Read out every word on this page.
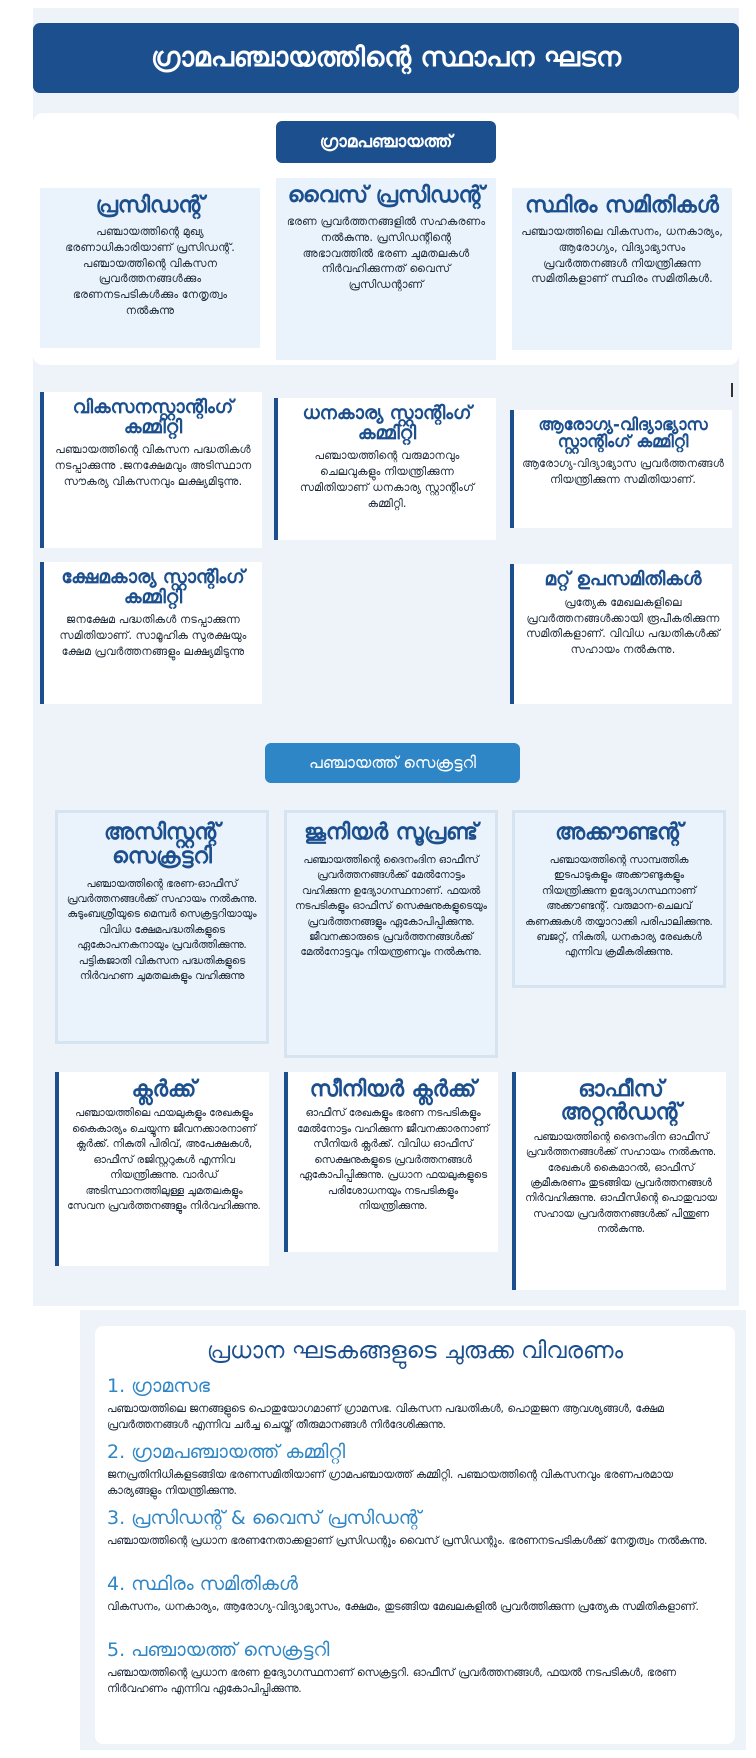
ഗ്രാമപഞ്ചായത്തിന്റെ സ്ഥാപന ഘടന
ഗ്രാമപഞ്ചായത്ത്
പ്രസിഡന്റ്

പഞ്ചായത്തിന്റെ മുഖ്യ ഭരണാധികാരിയാണ് പ്രസിഡന്റ്. പഞ്ചായത്തിന്റെ വികസന പ്രവർത്തനങ്ങൾക്കും ഭരണനടപടികൾക്കും നേതൃത്വം നൽകുന്നു

വൈസ് പ്രസിഡന്റ്

ഭരണ പ്രവർത്തനങ്ങളിൽ സഹകരണം നൽകുന്നു. പ്രസിഡന്റിന്റെ അഭാവത്തിൽ ഭരണ ചുമതലകൾ നിർവഹിക്കുന്നത് വൈസ് പ്രസിഡന്റാണ്

സ്ഥിരം സമിതികൾ

പഞ്ചായത്തിലെ വികസനം, ധനകാര്യം, ആരോഗ്യം, വിദ്യാഭ്യാസം പ്രവർത്തനങ്ങൾ നിയന്ത്രിക്കുന്ന സമിതികളാണ് സ്ഥിരം സമിതികൾ.

വികസനസ്റ്റാന്റിംഗ് കമ്മിറ്റി

പഞ്ചായത്തിന്റെ വികസന പദ്ധതികൾ നടപ്പാക്കുന്നു .ജനക്ഷേമവും അടിസ്ഥാന സൗകര്യ വികസനവും ലക്ഷ്യമിടുന്നു.

ധനകാര്യ സ്റ്റാന്റിംഗ് കമ്മിറ്റി

പഞ്ചായത്തിന്റെ വരുമാനവും ചെലവുകളും നിയന്ത്രിക്കുന്ന സമിതിയാണ് ധനകാര്യ സ്റ്റാന്റിംഗ് കമ്മിറ്റി.

ആരോഗ്യ-വിദ്യാഭ്യാസ സ്റ്റാന്റിംഗ് കമ്മിറ്റി

ആരോഗ്യ-വിദ്യാഭ്യാസ പ്രവർത്തനങ്ങൾ നിയന്ത്രിക്കുന്ന സമിതിയാണ്.

ക്ഷേമകാര്യ സ്റ്റാന്റിംഗ് കമ്മിറ്റി

ജനക്ഷേമ പദ്ധതികൾ നടപ്പാക്കുന്ന സമിതിയാണ്. സാമൂഹിക സുരക്ഷയും ക്ഷേമ പ്രവർത്തനങ്ങളും ലക്ഷ്യമിടുന്നു

മറ്റ് ഉപസമിതികൾ

പ്രത്യേക മേഖലകളിലെ പ്രവർത്തനങ്ങൾക്കായി രൂപീകരിക്കുന്ന സമിതികളാണ്. വിവിധ പദ്ധതികൾക്ക് സഹായം നൽകുന്നു.

പഞ്ചായത്ത് സെക്രട്ടറി
അസിസ്റ്റന്റ് സെക്രട്ടറി

പഞ്ചായത്തിന്റെ ഭരണ-ഓഫീസ് പ്രവർത്തനങ്ങൾക്ക് സഹായം നൽകുന്നു. കുടുംബശ്രീയുടെ മെമ്പർ സെക്രട്ടറിയായും വിവിധ ക്ഷേമപദ്ധതികളുടെ ഏകോപനകനായും പ്രവർത്തിക്കുന്നു. പട്ടികജാതി വികസന പദ്ധതികളുടെ നിർവഹണ ചുമതലകളും വഹിക്കുന്നു

ജൂനിയർ സൂപ്രണ്ട്

പഞ്ചായത്തിന്റെ ദൈനംദിന ഓഫീസ് പ്രവർത്തനങ്ങൾക്ക് മേൽനോട്ടം വഹിക്കുന്ന ഉദ്യോഗസ്ഥനാണ്. ഫയൽ നടപടികളും ഓഫീസ് സെക്ഷനുകളുടെയും പ്രവർത്തനങ്ങളും ഏകോപിപ്പിക്കുന്നു. ജീവനക്കാരുടെ പ്രവർത്തനങ്ങൾക്ക് മേൽനോട്ടവും നിയന്ത്രണവും നൽകുന്നു.

അക്കൗണ്ടന്റ്

പഞ്ചായത്തിന്റെ സാമ്പത്തിക ഇടപാടുകളും അക്കൗണ്ടുകളും നിയന്ത്രിക്കുന്ന ഉദ്യോഗസ്ഥനാണ് അക്കൗണ്ടന്റ്. വരുമാന-ചെലവ് കണക്കുകൾ തയ്യാറാക്കി പരിപാലിക്കുന്നു. ബജറ്റ്, നികുതി, ധനകാര്യ രേഖകൾ എന്നിവ ക്രമീകരിക്കുന്നു.

ക്ലർക്ക്

പഞ്ചായത്തിലെ ഫയലുകളും രേഖകളും കൈകാര്യം ചെയ്യുന്ന ജീവനക്കാരനാണ് ക്ലർക്ക്. നികുതി പിരിവ്, അപേക്ഷകൾ, ഓഫീസ് രജിസ്റ്ററുകൾ എന്നിവ നിയന്ത്രിക്കുന്നു. വാർഡ് അടിസ്ഥാനത്തിലുള്ള ചുമതലകളും സേവന പ്രവർത്തനങ്ങളും നിർവഹിക്കുന്നു.

സീനിയർ ക്ലർക്ക്

ഓഫീസ് രേഖകളും ഭരണ നടപടികളും മേൽനോട്ടം വഹിക്കുന്ന ജീവനക്കാരനാണ് സീനിയർ ക്ലർക്ക്. വിവിധ ഓഫീസ് സെക്ഷനുകളുടെ പ്രവർത്തനങ്ങൾ ഏകോപിപ്പിക്കുന്നു. പ്രധാന ഫയലുകളുടെ പരിശോധനയും നടപടികളും നിയന്ത്രിക്കുന്നു.

ഓഫീസ് അറ്റൻഡന്റ്

പഞ്ചായത്തിന്റെ ദൈനംദിന ഓഫീസ് പ്രവർത്തനങ്ങൾക്ക് സഹായം നൽകുന്നു. രേഖകൾ കൈമാറൽ, ഓഫീസ് ക്രമീകരണം തുടങ്ങിയ പ്രവർത്തനങ്ങൾ നിർവഹിക്കുന്നു. ഓഫീസിന്റെ പൊതുവായ സഹായ പ്രവർത്തനങ്ങൾക്ക് പിന്തുണ നൽകുന്നു.

പ്രധാന ഘടകങ്ങളുടെ ചുരുക്ക വിവരണം
1. ഗ്രാമസഭ

പഞ്ചായത്തിലെ ജനങ്ങളുടെ പൊതുയോഗമാണ് ഗ്രാമസഭ. വികസന പദ്ധതികൾ, പൊതുജന ആവശ്യങ്ങൾ, ക്ഷേമ പ്രവർത്തനങ്ങൾ എന്നിവ ചർച്ച ചെയ്ത് തീരുമാനങ്ങൾ നിർദേശിക്കുന്നു.

2. ഗ്രാമപഞ്ചായത്ത് കമ്മിറ്റി

ജനപ്രതിനിധികളടങ്ങിയ ഭരണസമിതിയാണ് ഗ്രാമപഞ്ചായത്ത് കമ്മിറ്റി. പഞ്ചായത്തിന്റെ വികസനവും ഭരണപരമായ കാര്യങ്ങളും നിയന്ത്രിക്കുന്നു.

3. പ്രസിഡന്റ് & വൈസ് പ്രസിഡന്റ്

പഞ്ചായത്തിന്റെ പ്രധാന ഭരണനേതാക്കളാണ് പ്രസിഡന്റും വൈസ് പ്രസിഡന്റും. ഭരണനടപടികൾക്ക് നേതൃത്വം നൽകുന്നു.

4. സ്ഥിരം സമിതികൾ

വികസനം, ധനകാര്യം, ആരോഗ്യ-വിദ്യാഭ്യാസം, ക്ഷേമം, തുടങ്ങിയ മേഖലകളിൽ പ്രവർത്തിക്കുന്ന പ്രത്യേക സമിതികളാണ്.

5. പഞ്ചായത്ത് സെക്രട്ടറി

പഞ്ചായത്തിന്റെ പ്രധാന ഭരണ ഉദ്യോഗസ്ഥനാണ് സെക്രട്ടറി. ഓഫീസ് പ്രവർത്തനങ്ങൾ, ഫയൽ നടപടികൾ, ഭരണ നിർവഹണം എന്നിവ ഏകോപിപ്പിക്കുന്നു.
